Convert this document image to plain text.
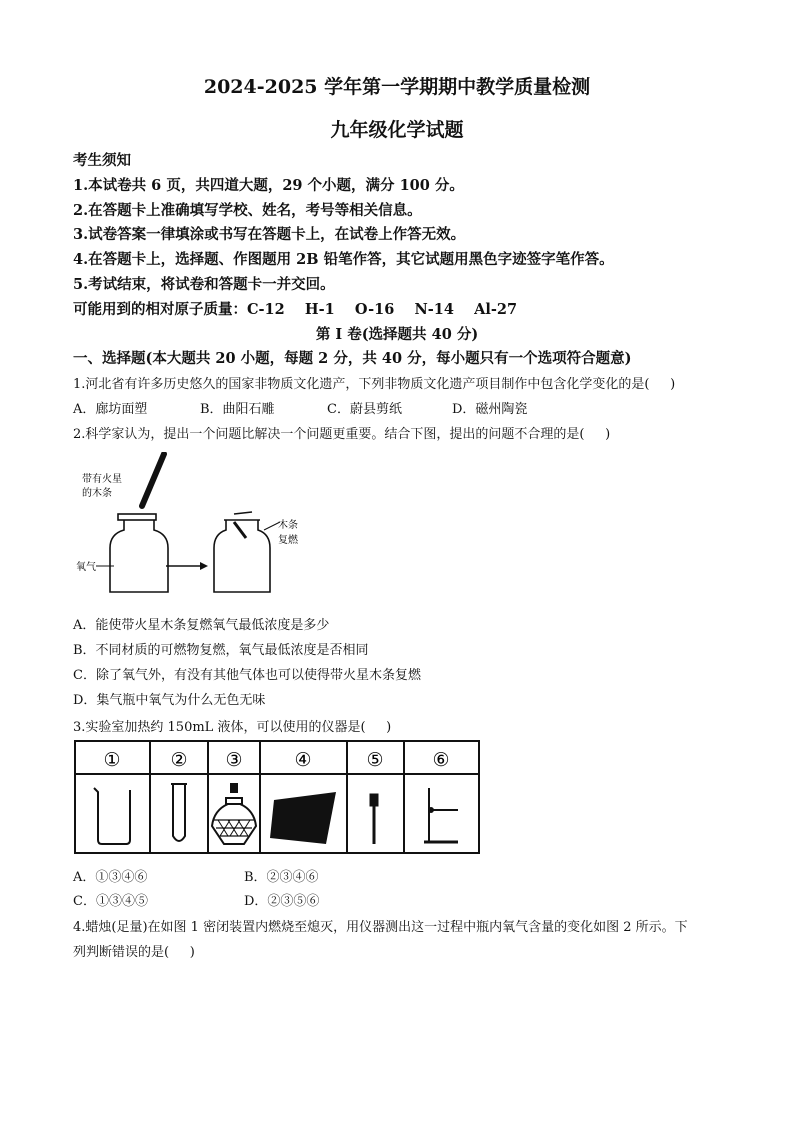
2024-2025 学年第一学期期中教学质量检测
九年级化学试题
考生须知
1.本试卷共 6 页，共四道大题，29 个小题，满分 100 分。
2.在答题卡上准确填写学校、姓名，考号等相关信息。
3.试卷答案一律填涂或书写在答题卡上，在试卷上作答无效。
4.在答题卡上，选择题、作图题用 2B 铅笔作答，其它试题用黑色字迹签字笔作答。
5.考试结束，将试卷和答题卡一并交回。
可能用到的相对原子质量：C-12    H-1    O-16    N-14    Al-27
第 I 卷(选择题共 40 分)
一、选择题(本大题共 20 小题，每题 2 分，共 40 分，每小题只有一个选项符合题意)
1.河北省有许多历史悠久的国家非物质文化遗产，下列非物质文化遗产项目制作中包含化学变化的是(     )
A．廊坊面塑	B．曲阳石雕	C．蔚县剪纸	D．磁州陶瓷
2.科学家认为，提出一个问题比解决一个问题更重要。结合下图，提出的问题不合理的是(     )
带有火星
的木条
氧气
木条
复燃
A．能使带火星木条复燃氧气最低浓度是多少
B．不同材质的可燃物复燃，氧气最低浓度是否相同
C．除了氧气外，有没有其他气体也可以使得带火星木条复燃
D．集气瓶中氧气为什么无色无味
3.实验室加热约 150mL 液体，可以使用的仪器是(     )
①	② ③	④	⑤	⑥
A．①③④⑥	B．②③④⑥
C．①③④⑤	D．②③⑤⑥
4.蜡烛(足量)在如图 1 密闭装置内燃烧至熄灭，用仪器测出这一过程中瓶内氧气含量的变化如图 2 所示。下
列判断错误的是(     )
